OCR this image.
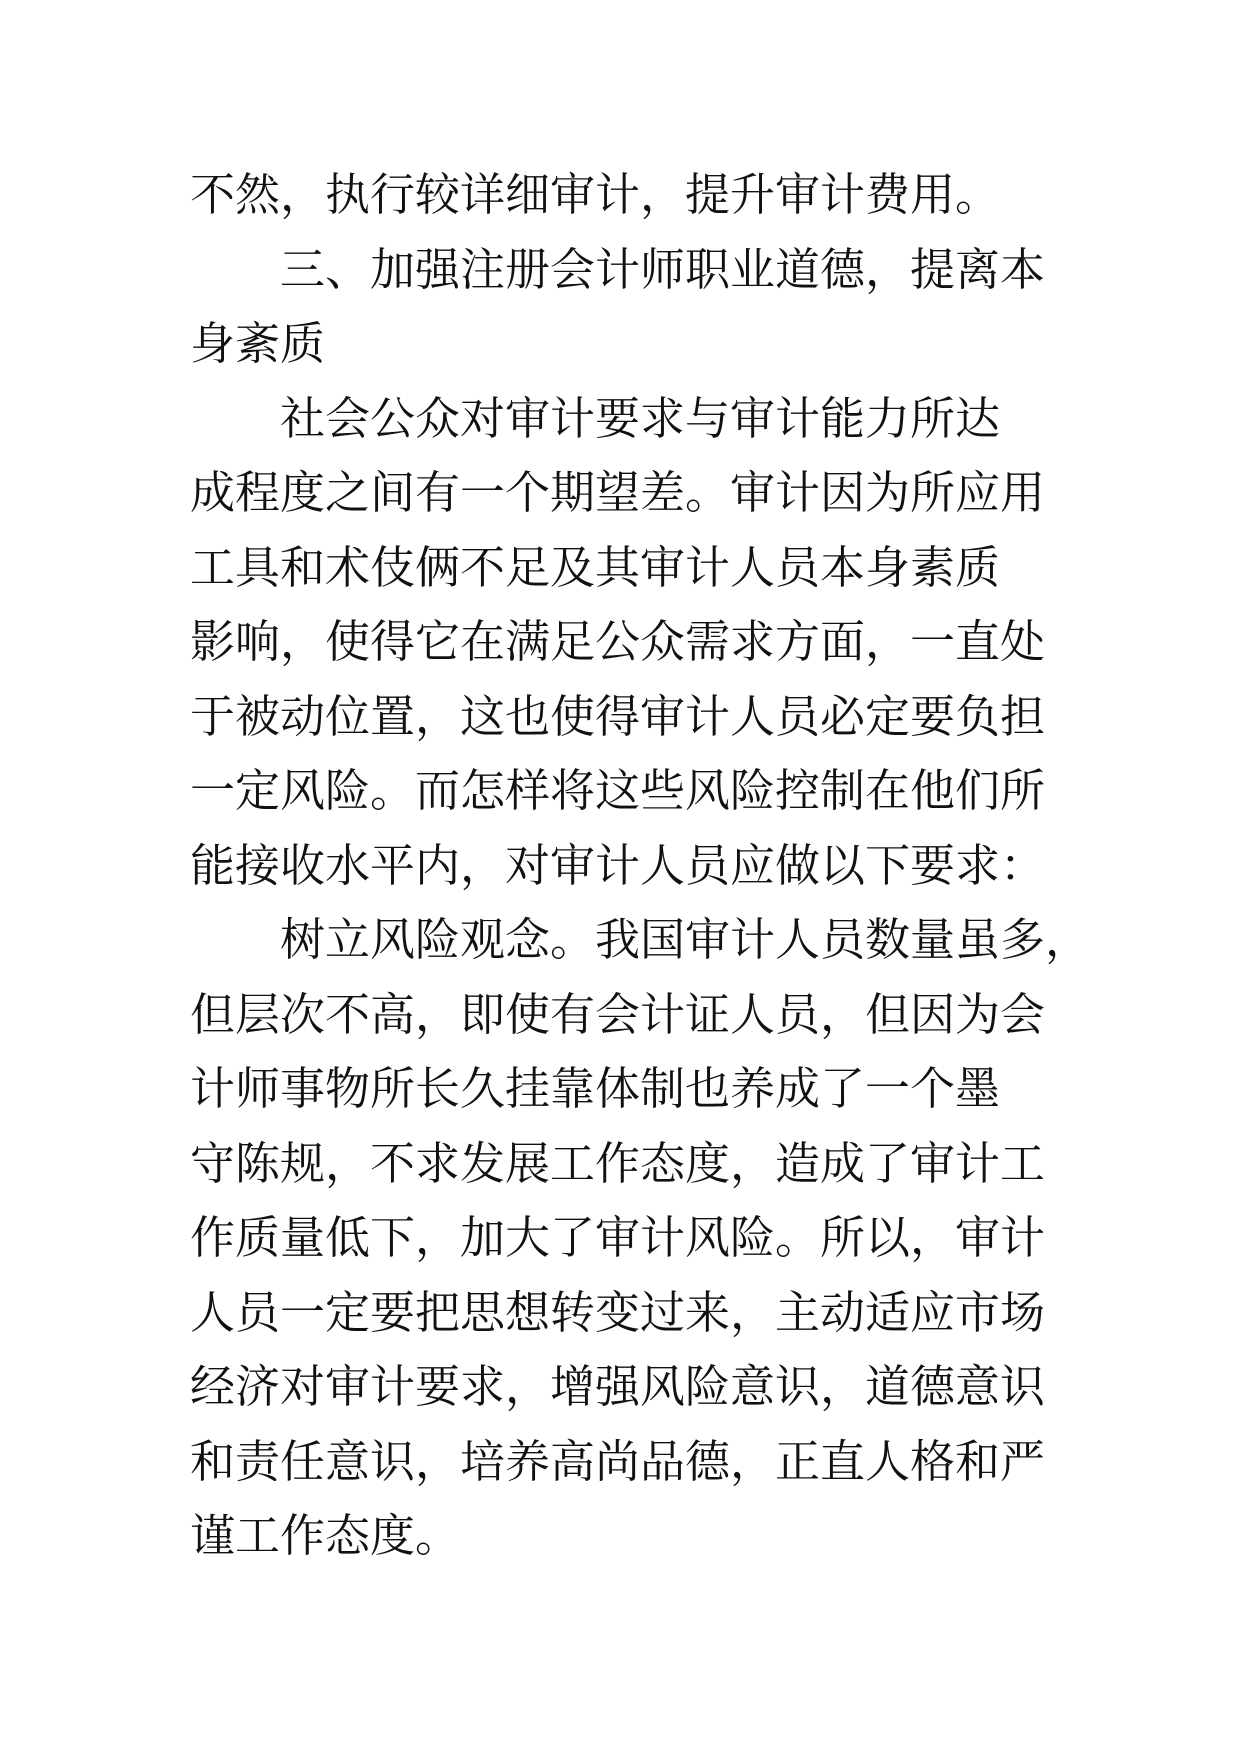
不然，执行较详细审计，提升审计费用。
三、加强注册会计师职业道德，提离本
身紊质
社会公众对审计要求与审计能力所达
成程度之间有一个期望差。审计因为所应用
工具和术伎俩不足及其审计人员本身素质
影响，使得它在满足公众需求方面，一直处
于被动位置，这也使得审计人员必定要负担
一定风险。而怎样将这些风险控制在他们所
能接收水平内，对审计人员应做以下要求：
树立风险观念。我国审计人员数量虽多，
但层次不高，即使有会计证人员，但因为会
计师事物所长久挂靠体制也养成了一个墨
守陈规，不求发展工作态度，造成了审计工
作质量低下，加大了审计风险。所以，审计
人员一定要把思想转变过来，主动适应市场
经济对审计要求，增强风险意识，道德意识
和责任意识，培养高尚品德，正直人格和严
谨工作态度。
